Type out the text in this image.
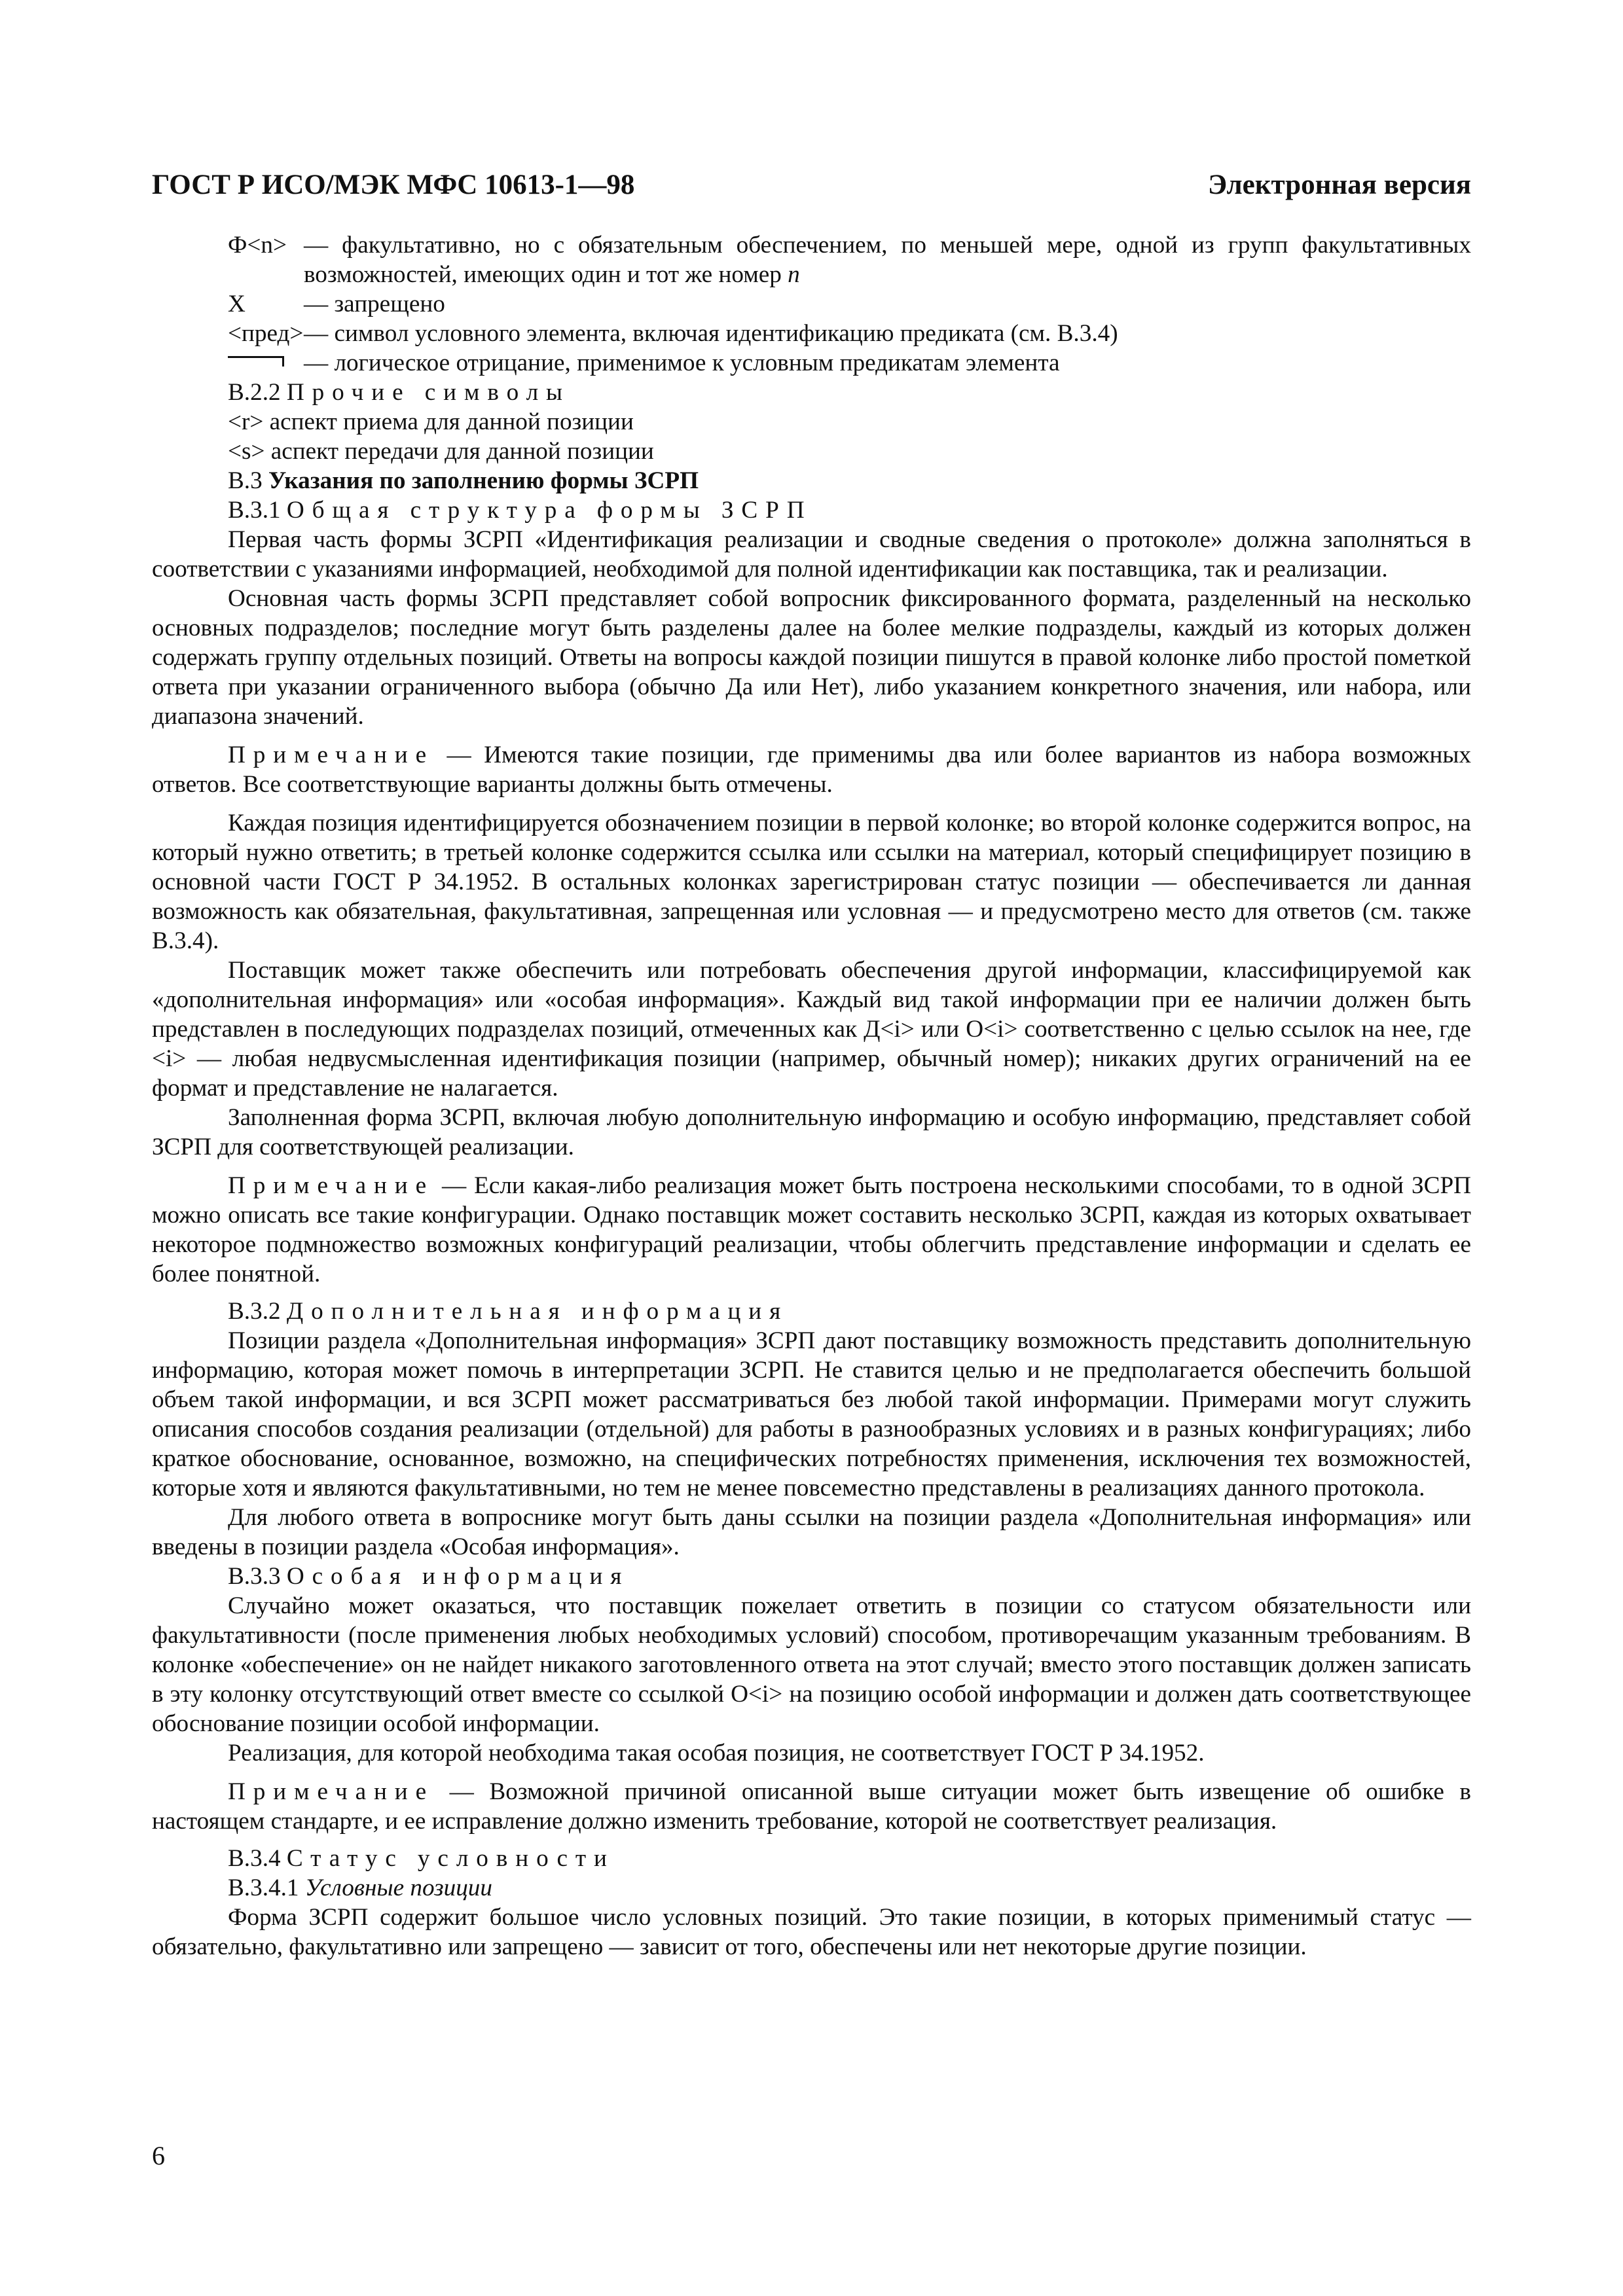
ГОСТ Р ИСО/МЭК МФС 10613-1—98	Электронная версия
Ф<n> — факультативно, но с обязательным обеспечением, по меньшей мере, одной из групп факультативных возможностей, имеющих один и тот же номер n
X	— запрещено
<пред> — символ условного элемента, включая идентификацию предиката (см. B.3.4)
— логическое отрицание, применимое к условным предикатам элемента

B.2.2 Прочие символы

<r> аспект приема для данной позиции

<s> аспект передачи для данной позиции

B.3 Указания по заполнению формы ЗСРП

B.3.1 Общая структура формы ЗСРП

Первая часть формы ЗСРП «Идентификация реализации и сводные сведения о протоколе» должна заполняться в соответствии с указаниями информацией, необходимой для полной идентификации как поставщика, так и реализации.

Основная часть формы ЗСРП представляет собой вопросник фиксированного формата, разделенный на несколько основных подразделов; последние могут быть разделены далее на более мелкие подразделы, каждый из которых должен содержать группу отдельных позиций. Ответы на вопросы каждой позиции пишутся в правой колонке либо простой пометкой ответа при указании ограниченного выбора (обычно Да или Нет), либо указанием конкретного значения, или набора, или диапазона значений.

Примечание — Имеются такие позиции, где применимы два или более вариантов из набора возможных ответов. Все соответствующие варианты должны быть отмечены.

Каждая позиция идентифицируется обозначением позиции в первой колонке; во второй колонке содержится вопрос, на который нужно ответить; в третьей колонке содержится ссылка или ссылки на материал, который специфицирует позицию в основной части ГОСТ Р 34.1952. В остальных колонках зарегистрирован статус позиции — обеспечивается ли данная возможность как обязательная, факультативная, запрещенная или условная — и предусмотрено место для ответов (см. также B.3.4).

Поставщик может также обеспечить или потребовать обеспечения другой информации, классифицируемой как «дополнительная информация» или «особая информация». Каждый вид такой информации при ее наличии должен быть представлен в последующих подразделах позиций, отмеченных как Д<i> или О<i> соответственно с целью ссылок на нее, где <i> — любая недвусмысленная идентификация позиции (например, обычный номер); никаких других ограничений на ее формат и представление не налагается.

Заполненная форма ЗСРП, включая любую дополнительную информацию и особую информацию, представляет собой ЗСРП для соответствующей реализации.

Примечание — Если какая-либо реализация может быть построена несколькими способами, то в одной ЗСРП можно описать все такие конфигурации. Однако поставщик может составить несколько ЗСРП, каждая из которых охватывает некоторое подмножество возможных конфигураций реализации, чтобы облегчить представление информации и сделать ее более понятной.

B.3.2 Дополнительная информация

Позиции раздела «Дополнительная информация» ЗСРП дают поставщику возможность представить дополнительную информацию, которая может помочь в интерпретации ЗСРП. Не ставится целью и не предполагается обеспечить большой объем такой информации, и вся ЗСРП может рассматриваться без любой такой информации. Примерами могут служить описания способов создания реализации (отдельной) для работы в разнообразных условиях и в разных конфигурациях; либо краткое обоснование, основанное, возможно, на специфических потребностях применения, исключения тех возможностей, которые хотя и являются факультативными, но тем не менее повсеместно представлены в реализациях данного протокола.

Для любого ответа в вопроснике могут быть даны ссылки на позиции раздела «Дополнительная информация» или введены в позиции раздела «Особая информация».

B.3.3 Особая информация

Случайно может оказаться, что поставщик пожелает ответить в позиции со статусом обязательности или факультативности (после применения любых необходимых условий) способом, противоречащим указанным требованиям. В колонке «обеспечение» он не найдет никакого заготовленного ответа на этот случай; вместо этого поставщик должен записать в эту колонку отсутствующий ответ вместе со ссылкой О<i> на позицию особой информации и должен дать соответствующее обоснование позиции особой информации.

Реализация, для которой необходима такая особая позиция, не соответствует ГОСТ Р 34.1952.

Примечание — Возможной причиной описанной выше ситуации может быть извещение об ошибке в настоящем стандарте, и ее исправление должно изменить требование, которой не соответствует реализация.

B.3.4 Статус условности

B.3.4.1 Условные позиции

Форма ЗСРП содержит большое число условных позиций. Это такие позиции, в которых применимый статус — обязательно, факультативно или запрещено — зависит от того, обеспечены или нет некоторые другие позиции.

6
